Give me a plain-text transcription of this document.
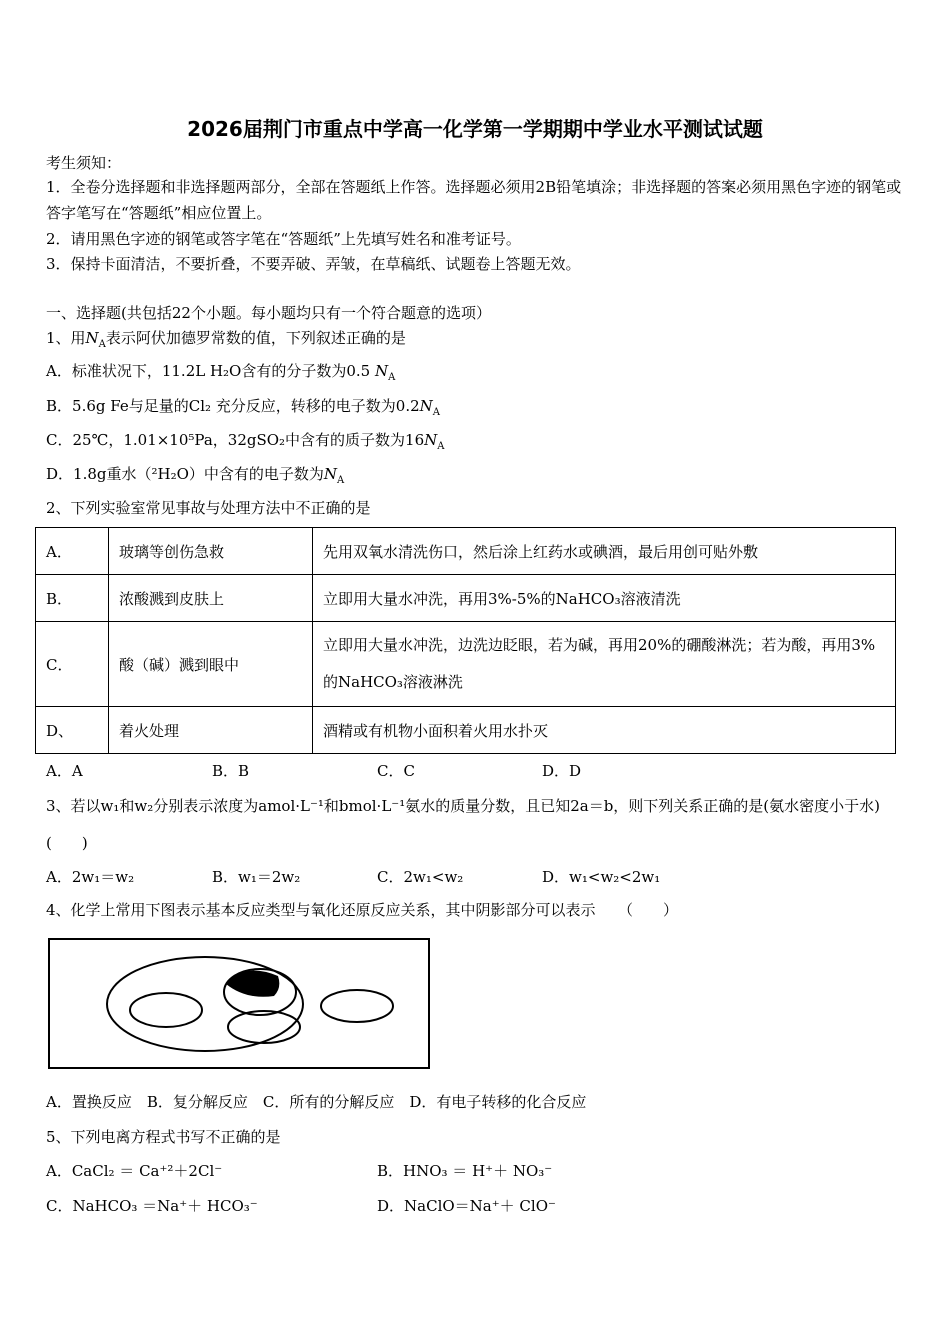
2026届荆门市重点中学高一化学第一学期期中学业水平测试试题
考生须知：
1．全卷分选择题和非选择题两部分，全部在答题纸上作答。选择题必须用2B铅笔填涂；非选择题的答案必须用黑色字迹的钢笔或答字笔写在“答题纸”相应位置上。
2．请用黑色字迹的钢笔或答字笔在“答题纸”上先填写姓名和准考证号。
3．保持卡面清洁，不要折叠，不要弄破、弄皱，在草稿纸、试题卷上答题无效。
一、选择题(共包括22个小题。每小题均只有一个符合题意的选项）
1、用$N_A$表示阿伏加德罗常数的值，下列叙述正确的是
A．标准状况下，11.2L H₂O含有的分子数为0.5 $N_A$
B．5.6g Fe与足量的Cl₂ 充分反应，转移的电子数为$0.2N_A$
C．25℃，1.01×10⁵Pa，32gSO₂中含有的质子数为$16N_A$
D．1.8g重水（²H₂O）中含有的电子数为$N_A$
2、下列实验室常见事故与处理方法中不正确的是
A．	玻璃等创伤急救	先用双氧水清洗伤口，然后涂上红药水或碘酒，最后用创可贴外敷
B．	浓酸溅到皮肤上	立即用大量水冲洗，再用3%-5%的NaHCO₃溶液清洗
C．	酸（碱）溅到眼中	立即用大量水冲洗，边洗边眨眼，若为碱，再用20%的硼酸淋洗；若为酸，再用3%的NaHCO₃溶液淋洗
D、	着火处理	酒精或有机物小面积着火用水扑灭
A．A	B．B	C．C	D．D
3、若以w₁和w₂分别表示浓度为amol·L⁻¹和bmol·L⁻¹氨水的质量分数，且已知2a＝b，则下列关系正确的是(氨水密度小于水)(　　)
A．2w₁＝w₂	B．w₁＝2w₂	C．2w₁<w₂	D．w₁<w₂<2w₁
4、化学上常用下图表示基本反应类型与氧化还原反应关系，其中阴影部分可以表示　　（　　）
A．置换反应　B．复分解反应　C．所有的分解反应　D．有电子转移的化合反应
5、下列电离方程式书写不正确的是
A．CaCl₂ ＝ Ca⁺²＋2Cl⁻	B．HNO₃ ＝ H⁺＋ NO₃⁻
C．NaHCO₃ ＝Na⁺＋ HCO₃⁻	D．NaClO＝Na⁺＋ ClO⁻
